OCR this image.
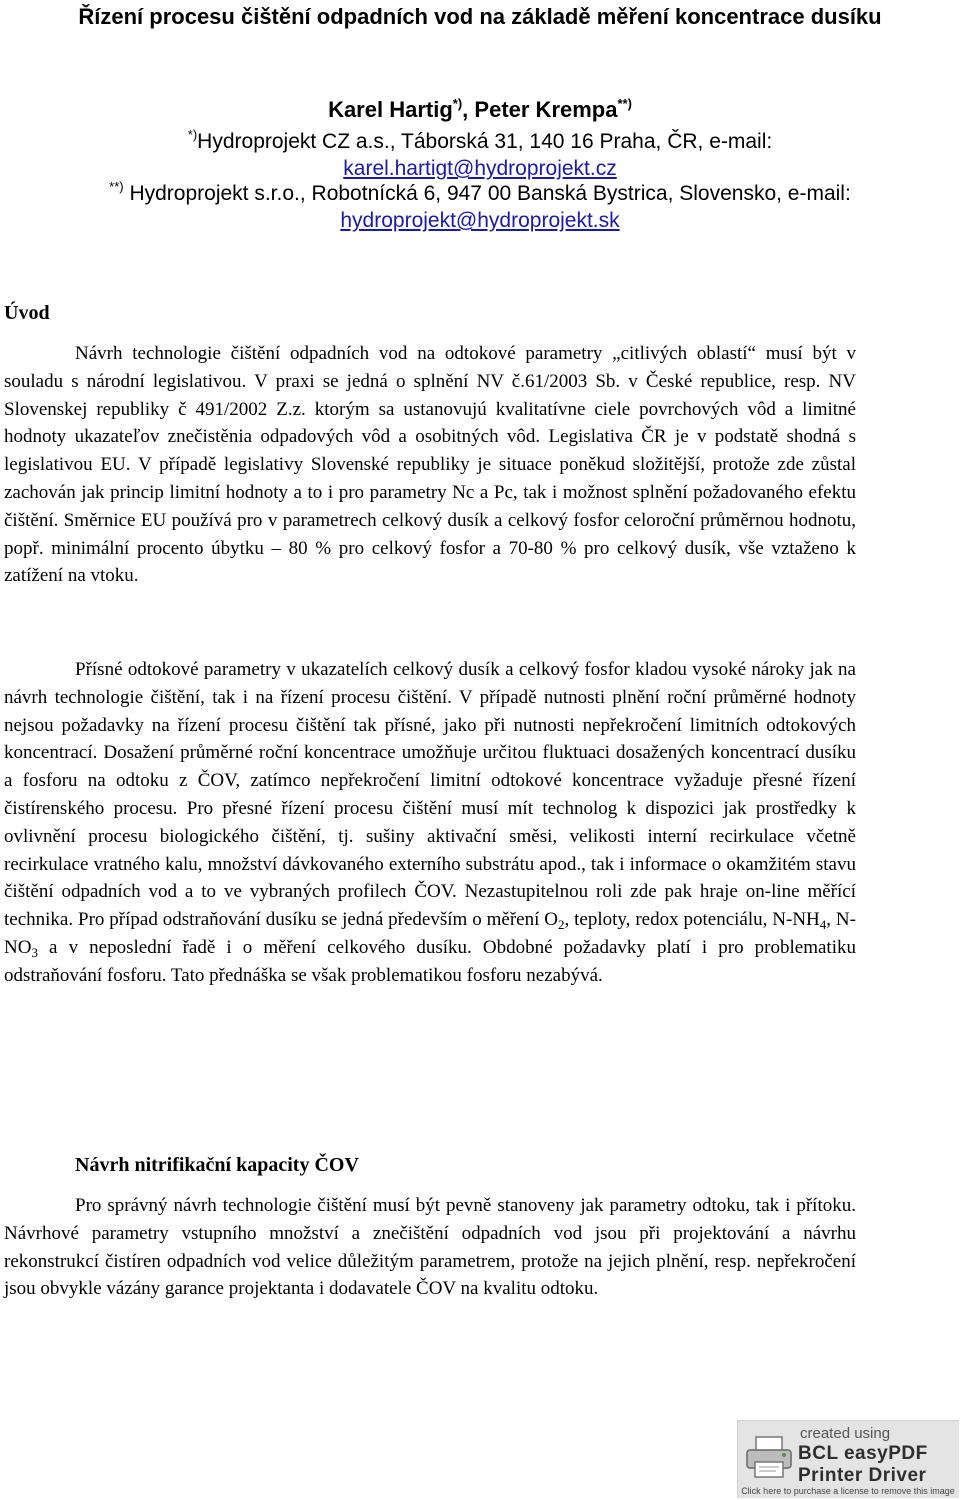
Řízení procesu čištění odpadních vod na základě měření koncentrace dusíku

Karel Hartig*), Peter Krempa**)

*)Hydroprojekt CZ a.s., Táborská 31, 140 16 Praha, ČR, e-mail:
karel.hartigt@hydroprojekt.cz

**) Hydroprojekt s.r.o., Robotnícká 6, 947 00 Banská Bystrica, Slovensko, e-mail:
hydroprojekt@hydroprojekt.sk

Úvod

Návrh technologie čištění odpadních vod na odtokové parametry „citlivých oblastí“ musí být v souladu s národní legislativou. V praxi se jedná o splnění NV č.61/2003 Sb. v České republice, resp. NV Slovenskej republiky č 491/2002 Z.z. ktorým sa ustanovujú kvalitatívne ciele povrchových vôd a limitné hodnoty ukazateľov znečistěnia odpadových vôd a osobitných vôd. Legislativa ČR je v podstatě shodná s legislativou EU. V případě legislativy Slovenské republiky je situace poněkud složitější, protože zde zůstal zachován jak princip limitní hodnoty a to i pro parametry Nc a Pc, tak i možnost splnění požadovaného efektu čištění. Směrnice EU používá pro v parametrech celkový dusík a celkový fosfor celoroční průměrnou hodnotu, popř. minimální procento úbytku – 80 % pro celkový fosfor a 70-80 % pro celkový dusík, vše vztaženo k zatížení na vtoku.

Přísné odtokové parametry v ukazatelích celkový dusík a celkový fosfor kladou vysoké nároky jak na návrh technologie čištění, tak i na řízení procesu čištění. V případě nutnosti plnění roční průměrné hodnoty nejsou požadavky na řízení procesu čištění tak přísné, jako při nutnosti nepřekročení limitních odtokových koncentrací. Dosažení průměrné roční koncentrace umožňuje určitou fluktuaci dosažených koncentrací dusíku a fosforu na odtoku z ČOV, zatímco nepřekročení limitní odtokové koncentrace vyžaduje přesné řízení čistírenského procesu. Pro přesné řízení procesu čištění musí mít technolog k dispozici jak prostředky k ovlivnění procesu biologického čištění, tj. sušiny aktivační směsi, velikosti interní recirkulace včetně recirkulace vratného kalu, množství dávkovaného externího substrátu apod., tak i informace o okamžitém stavu čištění odpadních vod a to ve vybraných profilech ČOV. Nezastupitelnou roli zde pak hraje on-line měřící technika. Pro případ odstraňování dusíku se jedná především o měření $O_2$, teploty, redox potenciálu, $N-NH_4$, $N-NO_3$ a v neposlední řadě i o měření celkového dusíku. Obdobné požadavky platí i pro problematiku odstraňování fosforu. Tato přednáška se však problematikou fosforu nezabývá.

Návrh nitrifikační kapacity ČOV

Pro správný návrh technologie čištění musí být pevně stanoveny jak parametry odtoku, tak i přítoku. Návrhové parametry vstupního množství a znečištění odpadních vod jsou při projektování a návrhu rekonstrukcí čistíren odpadních vod velice důležitým parametrem, protože na jejich plnění, resp. nepřekročení jsou obvykle vázány garance projektanta i dodavatele ČOV na kvalitu odtoku.

created using
BCL easyPDF
Printer Driver
Click here to purchase a license to remove this image
